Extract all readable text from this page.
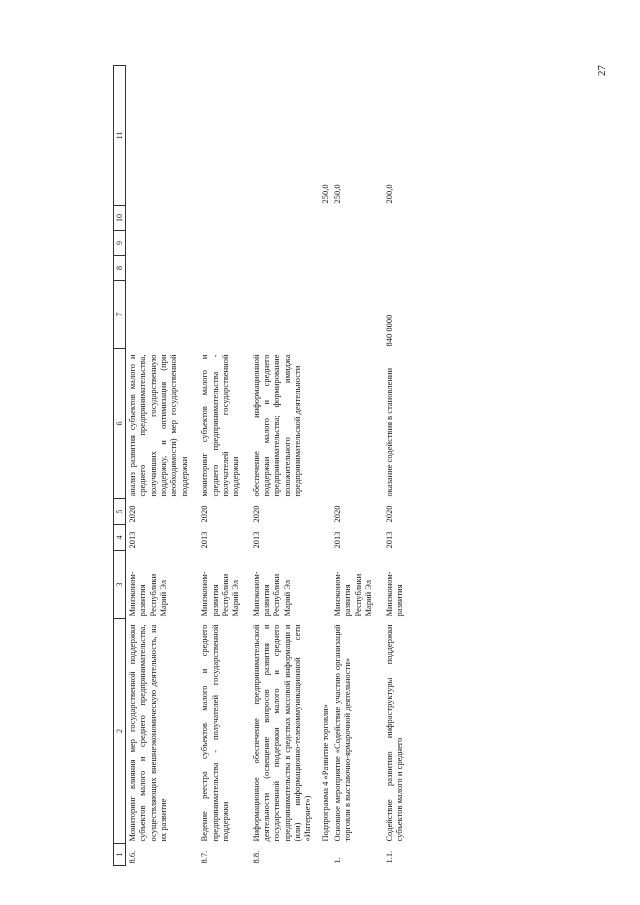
27
1	2	3	4	5	6	7	8	9	10	11
8.6.	Мониторинг влияния мер государственной поддержки субъектов малого и среднего предпринимательства, осуществляющих внешнеэкономическую деятельность, на их развитие	Минэконом-развития Республики Марий Эл	2013	2020	анализ развития субъектов малого и среднего предпринимательства, получивших государственную поддержку, и оптимизация (при необходимости) мер государственной поддержки					

8.7.	Ведение реестра субъектов малого и среднего предпринимательства - получателей государственной поддержки	Минэконом-развития Республики Марий Эл	2013	2020	мониторинг субъектов малого и среднего предпринимательства - получателей государственной поддержки					

8.8.	Информационное обеспечение предпринимательской деятельности (освещение вопросов развития и государственной поддержки малого и среднего предпринимательства в средствах массовой информации и (или) информационно-телекоммуникационной сети «Интернет»)	Минэконом-развития Республики Марий Эл	2013	2020	обеспечение информационной поддержки малого и среднего предпринимательства; формирование положительного имиджа предпринимательской деятельности					
	Подпрограмма 4 «Развитие торговли»									250,0
1.	Основное мероприятие «Содействие участию организаций торговли в выставочно-ярмарочной деятельности»	Минэконом-развития Республики Марий Эл	2013	2020						250,0

1.1.	Содействие развитию инфраструктуры поддержки субъектов малого и среднего	Минэконом-развития	2013	2020	оказание содействия в становлении	840 0000				200,0
